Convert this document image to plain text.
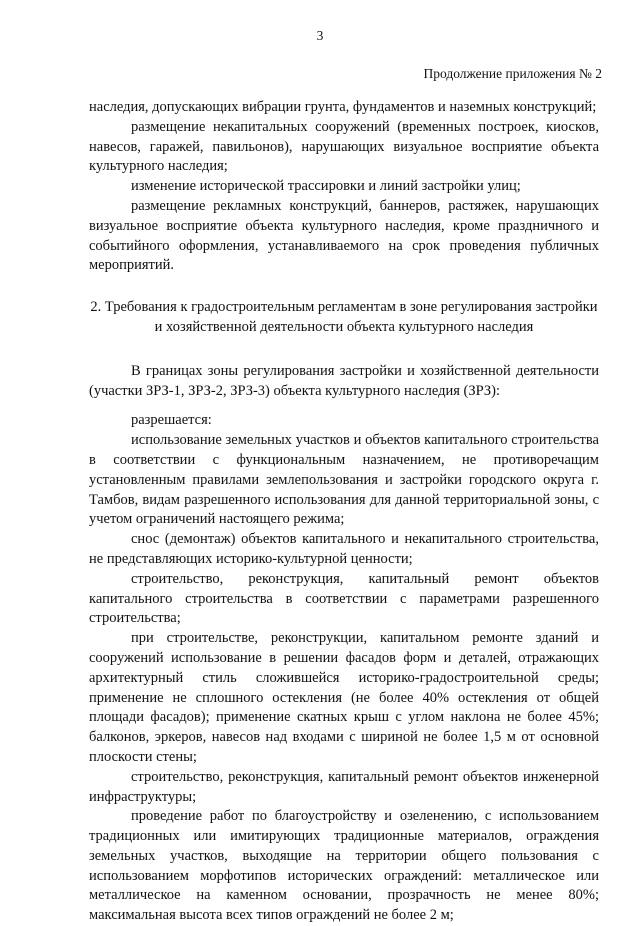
3
Продолжение приложения № 2

наследия, допускающих вибрации грунта, фундаментов и наземных конструкций;

размещение некапитальных сооружений (временных построек, киосков, навесов, гаражей, павильонов), нарушающих визуальное восприятие объекта культурного наследия;

изменение исторической трассировки и линий застройки улиц;

размещение рекламных конструкций, баннеров, растяжек, нарушающих визуальное восприятие объекта культурного наследия, кроме праздничного и событийного оформления, устанавливаемого на срок проведения публичных мероприятий.

2. Требования к градостроительным регламентам в зоне регулирования застройки и хозяйственной деятельности объекта культурного наследия

В границах зоны регулирования застройки и хозяйственной деятельности (участки ЗРЗ-1, ЗРЗ-2, ЗРЗ-3) объекта культурного наследия (ЗРЗ):

разрешается:

использование земельных участков и объектов капитального строительства в соответствии с функциональным назначением, не противоречащим установленным правилами землепользования и застройки городского округа г. Тамбов, видам разрешенного использования для данной территориальной зоны, с учетом ограничений настоящего режима;

снос (демонтаж) объектов капитального и некапитального строительства, не представляющих историко-культурной ценности;

строительство, реконструкция, капитальный ремонт объектов капитального строительства в соответствии с параметрами разрешенного строительства;

при строительстве, реконструкции, капитальном ремонте зданий и сооружений использование в решении фасадов форм и деталей, отражающих архитектурный стиль сложившейся историко-градостроительной среды; применение не сплошного остекления (не более 40% остекления от общей площади фасадов); применение скатных крыш с углом наклона не более 45%; балконов, эркеров, навесов над входами с шириной не более 1,5 м от основной плоскости стены;

строительство, реконструкция, капитальный ремонт объектов инженерной инфраструктуры;

проведение работ по благоустройству и озеленению, с использованием традиционных или имитирующих традиционные материалов, ограждения земельных участков, выходящие на территории общего пользования с использованием морфотипов исторических ограждений: металлическое или металлическое на каменном основании, прозрачность не менее 80%; максимальная высота всех типов ограждений не более 2 м;
